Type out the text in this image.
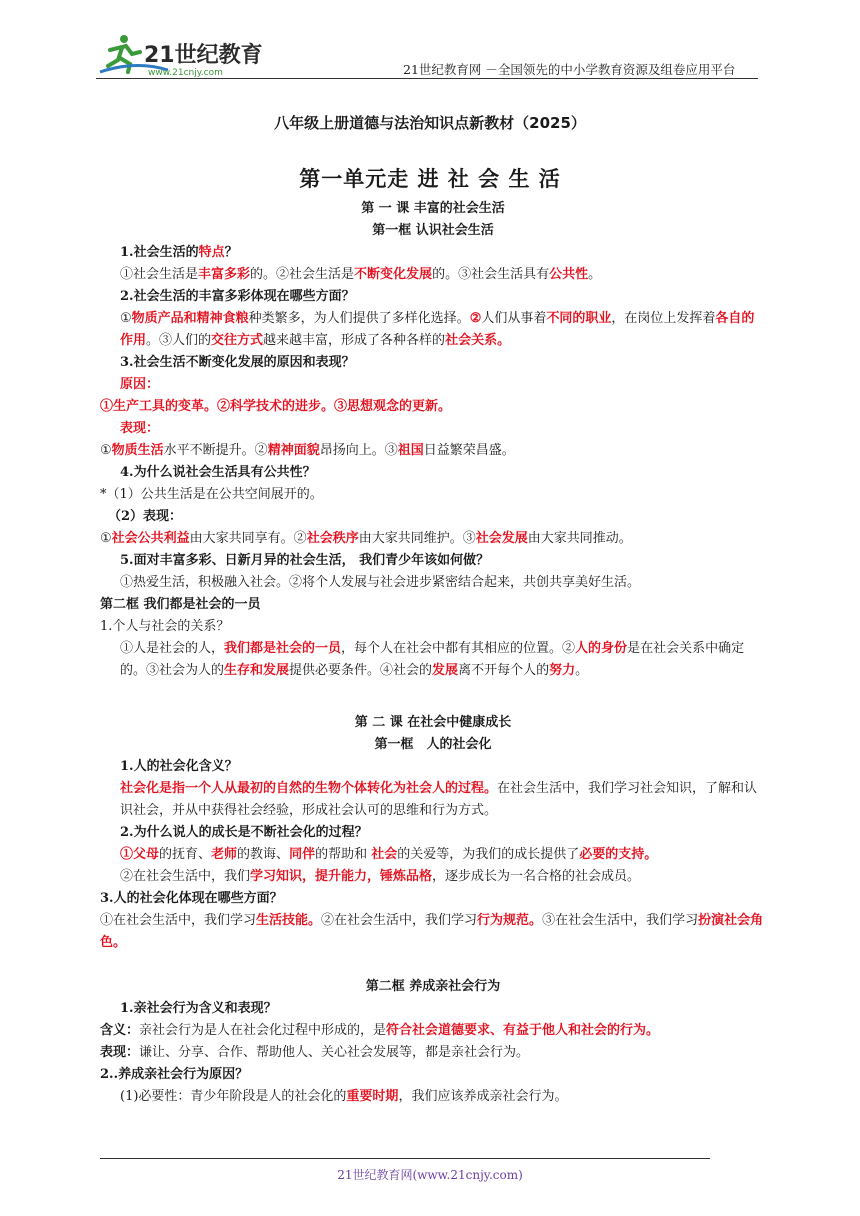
21世纪教育
www.21cnjy.com	21世纪教育网 －全国领先的中小学教育资源及组卷应用平台
八年级上册道德与法治知识点新教材（2025）
第一单元走 进 社 会 生 活

第 一 课 丰富的社会生活

第一框 认识社会生活

1.社会生活的特点？

①社会生活是丰富多彩的。②社会生活是不断变化发展的。③社会生活具有公共性。

2.社会生活的丰富多彩体现在哪些方面？

①物质产品和精神食粮种类繁多，为人们提供了多样化选择。②人们从事着不同的职业，在岗位上发挥着各自的作用。③人们的交往方式越来越丰富，形成了各种各样的社会关系。

3.社会生活不断变化发展的原因和表现？

原因：

①生产工具的变革。②科学技术的进步。③思想观念的更新。

表现：

①物质生活水平不断提升。②精神面貌昂扬向上。③祖国日益繁荣昌盛。

4.为什么说社会生活具有公共性？

*（1）公共生活是在公共空间展开的。

（2）表现：

①社会公共利益由大家共同享有。②社会秩序由大家共同维护。③社会发展由大家共同推动。

5.面对丰富多彩、日新月异的社会生活， 我们青少年该如何做？

①热爱生活，积极融入社会。②将个人发展与社会进步紧密结合起来，共创共享美好生活。

第二框 我们都是社会的一员

1.个人与社会的关系？

①人是社会的人，我们都是社会的一员，每个人在社会中都有其相应的位置。②人的身份是在社会关系中确定的。③社会为人的生存和发展提供必要条件。④社会的发展离不开每个人的努力。

第 二 课 在社会中健康成长

第一框　人的社会化

1.人的社会化含义？

社会化是指一个人从最初的自然的生物个体转化为社会人的过程。在社会生活中，我们学习社会知识，了解和认识社会，并从中获得社会经验，形成社会认可的思维和行为方式。

2.为什么说人的成长是不断社会化的过程？

①父母的抚育、老师的教诲、同伴的帮助和 社会的关爱等，为我们的成长提供了必要的支持。

②在社会生活中，我们学习知识，提升能力，锤炼品格，逐步成长为一名合格的社会成员。

3.人的社会化体现在哪些方面？

①在社会生活中，我们学习生活技能。②在社会生活中，我们学习行为规范。③在社会生活中，我们学习扮演社会角色。

第二框 养成亲社会行为

1.亲社会行为含义和表现？

含义：亲社会行为是人在社会化过程中形成的，是符合社会道德要求、有益于他人和社会的行为。

表现：谦让、分享、合作、帮助他人、关心社会发展等，都是亲社会行为。

2..养成亲社会行为原因？

(1)必要性：青少年阶段是人的社会化的重要时期，我们应该养成亲社会行为。

21世纪教育网(www.21cnjy.com)
